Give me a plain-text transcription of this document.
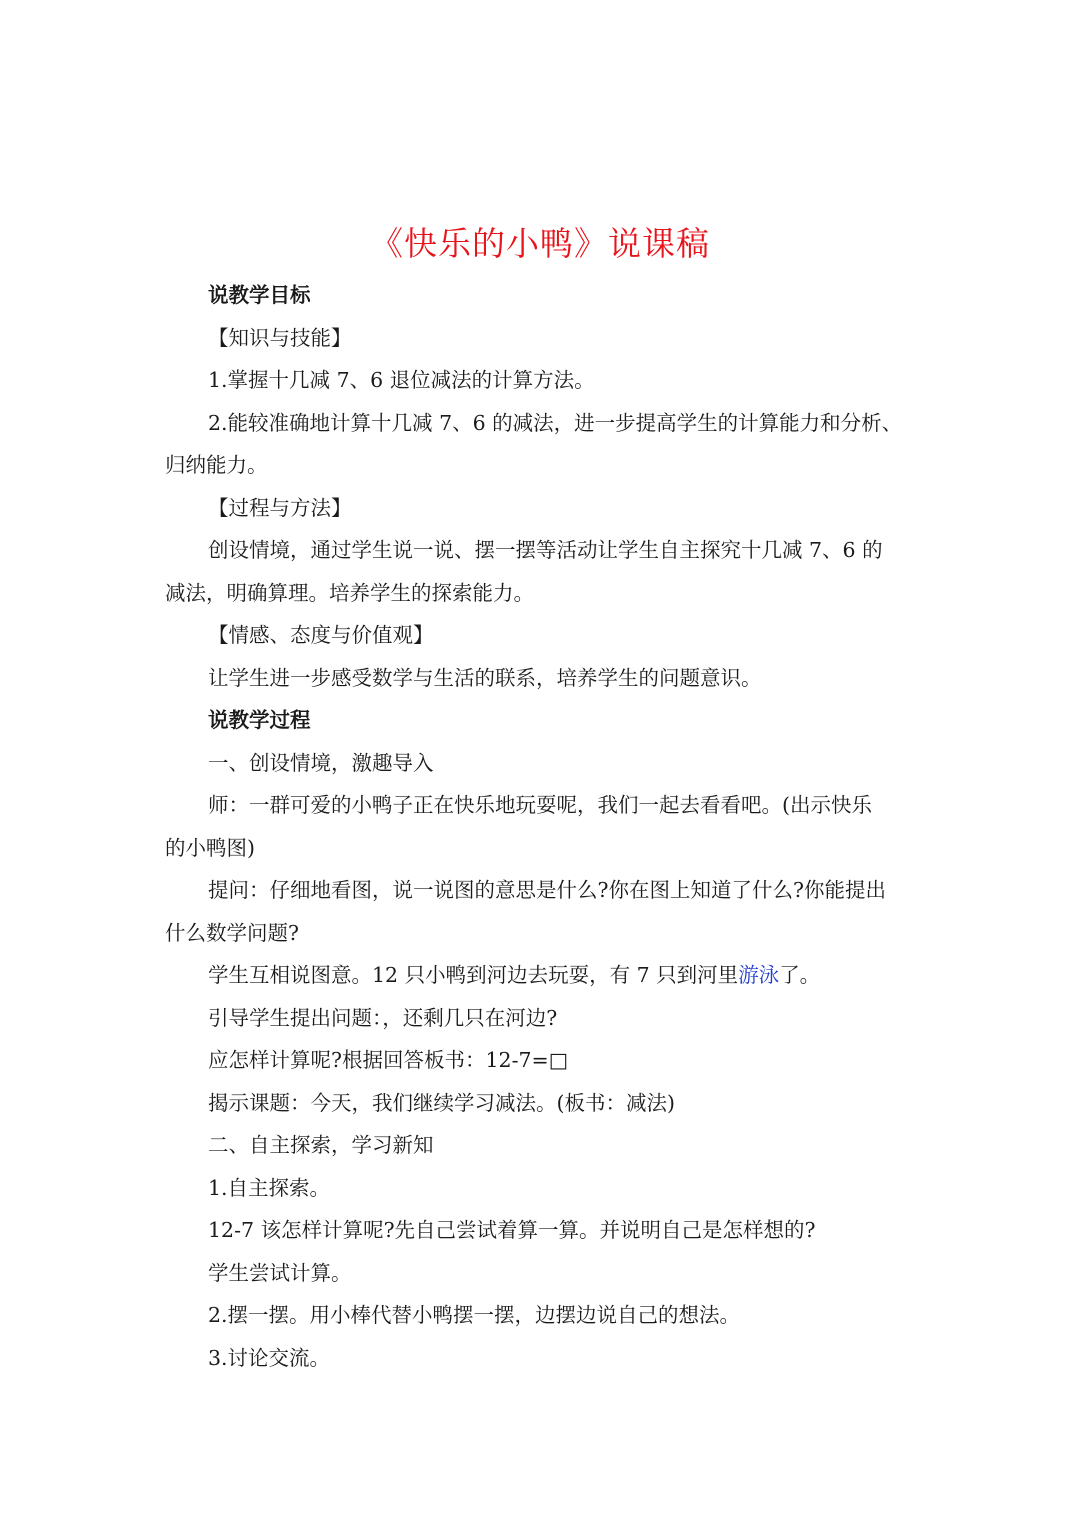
《快乐的小鸭》说课稿
说教学目标
【知识与技能】
1.掌握十几减 7、6 退位减法的计算方法。
2.能较准确地计算十几减 7、6 的减法，进一步提高学生的计算能力和分析、
归纳能力。
【过程与方法】
创设情境，通过学生说一说、摆一摆等活动让学生自主探究十几减 7、6 的
减法，明确算理。培养学生的探索能力。
【情感、态度与价值观】
让学生进一步感受数学与生活的联系，培养学生的问题意识。
说教学过程
一、创设情境，激趣导入
师：一群可爱的小鸭子正在快乐地玩耍呢，我们一起去看看吧。(出示快乐
的小鸭图)
提问：仔细地看图，说一说图的意思是什么?你在图上知道了什么?你能提出
什么数学问题?
学生互相说图意。12 只小鸭到河边去玩耍，有 7 只到河里游泳了。
引导学生提出问题：，还剩几只在河边?
应怎样计算呢?根据回答板书：12-7=□
揭示课题：今天，我们继续学习减法。(板书：减法)
二、自主探索，学习新知
1.自主探索。
12-7 该怎样计算呢?先自己尝试着算一算。并说明自己是怎样想的?
学生尝试计算。
2.摆一摆。用小棒代替小鸭摆一摆，边摆边说自己的想法。
3.讨论交流。
